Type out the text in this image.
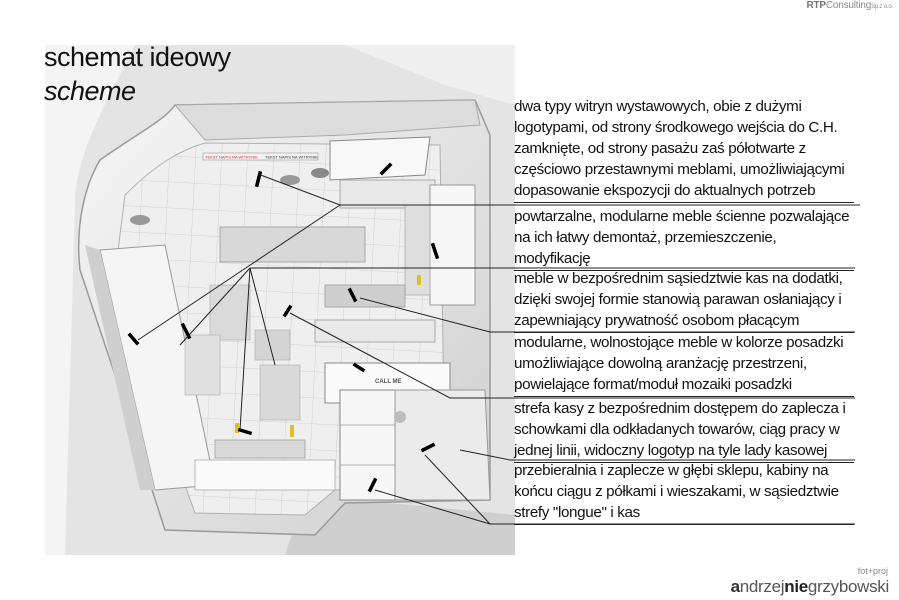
RTPConsultingSp.z o.o.
TEKST NAPIS NA WITRYNIE TEKST NAPIS NA WITRYNIE
CALL ME
schemat ideowy
scheme
dwa typy witryn wystawowych, obie z dużymi logotypami, od strony środkowego wejścia do C.H. zamknięte, od strony pasażu zaś półotwarte z częściowo przestawnymi meblami, umożliwiającymi dopasowanie ekspozycji do aktualnych potrzeb
powtarzalne, modularne meble ścienne pozwalające na ich łatwy demontaż, przemieszczenie, modyfikację
meble w bezpośrednim sąsiedztwie kas na dodatki, dzięki swojej formie stanowią parawan osłaniający i zapewniający prywatność osobom płacącym
modularne, wolnostojące meble w kolorze posadzki umożliwiające dowolną aranżację przestrzeni, powielające format/moduł mozaiki posadzki
strefa kasy z bezpośrednim dostępem do zaplecza i schowkami dla odkładanych towarów, ciąg pracy w jednej linii, widoczny logotyp na tyle lady kasowej
przebieralnia i zaplecze w głębi sklepu, kabiny na końcu ciągu z półkami i wieszakami, w sąsiedztwie strefy "longue" i kas
fot+proj
andrzejniegrzybowski
